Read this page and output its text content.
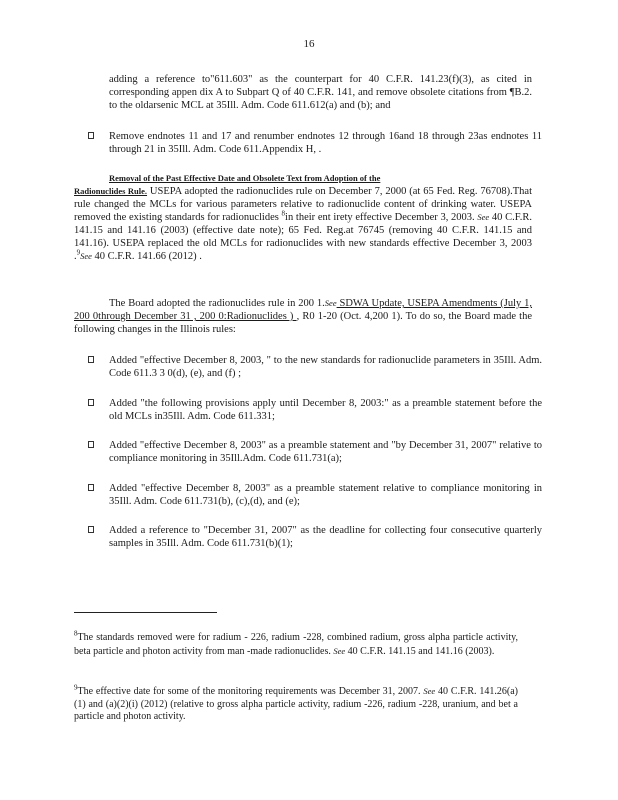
16
adding a reference to"611.603" as the counterpart for 40 C.F.R. 141.23(f)(3), as cited in corresponding appen dix A to Subpart Q of 40 C.F.R. 141, and remove obsolete citations from ¶B.2. to the oldarsenic MCL at 35Ill. Adm. Code 611.612(a) and (b); and
Remove endnotes 11 and 17 and renumber endnotes 12 through 16and 18 through 23as endnotes 11 through 21 in 35Ill. Adm. Code 611.Appendix H, .
Removal of the Past Effective Date and Obsolete Text from Adoption of the
Radionuclides Rule. USEPA adopted the radionuclides rule on December 7, 2000 (at 65 Fed. Reg. 76708).That rule changed the MCLs for various parameters relative to radionuclide content of drinking water. USEPA removed the existing standards for radionuclides $^8$in their ent irety effective December 3, 2003. See 40 C.F.R. 141.15 and 141.16 (2003) (effective date note); 65 Fed. Reg.at 76745 (removing 40 C.F.R. 141.15 and 141.16). USEPA replaced the old MCLs for radionuclides with new standards effective December 3, 2003 .$^9$See 40 C.F.R. 141.66 (2012) .
The Board adopted the radionuclides rule in 200 1.See SDWA Update, USEPA Amendments (July 1, 200 0through December 31 , 200 0:Radionuclides ) , R0 1-20 (Oct. 4,200 1). To do so, the Board made the following changes in the Illinois rules:
Added "effective December 8, 2003, " to the new standards for radionuclide parameters in 35Ill. Adm. Code 611.3 3 0(d), (e), and (f) ;
Added "the following provisions apply until December 8, 2003:" as a preamble statement before the old MCLs in35Ill. Adm. Code 611.331;
Added "effective December 8, 2003" as a preamble statement and "by December 31, 2007" relative to compliance monitoring in 35Ill.Adm. Code 611.731(a);
Added "effective December 8, 2003" as a preamble statement relative to compliance monitoring in 35Ill. Adm. Code 611.731(b), (c),(d), and (e);
Added a reference to "December 31, 2007" as the deadline for collecting four consecutive quarterly samples in 35Ill. Adm. Code 611.731(b)(1);
$^8$The standards removed were for radium - 226, radium -228, combined radium, gross alpha particle activity, beta particle and photon activity from man -made radionuclides. See 40 C.F.R. 141.15 and 141.16 (2003).
$^9$The effective date for some of the monitoring requirements was December 31, 2007. See 40 C.F.R. 141.26(a)(1) and (a)(2)(i) (2012) (relative to gross alpha particle activity, radium -226, radium -228, uranium, and bet a particle and photon activity.
